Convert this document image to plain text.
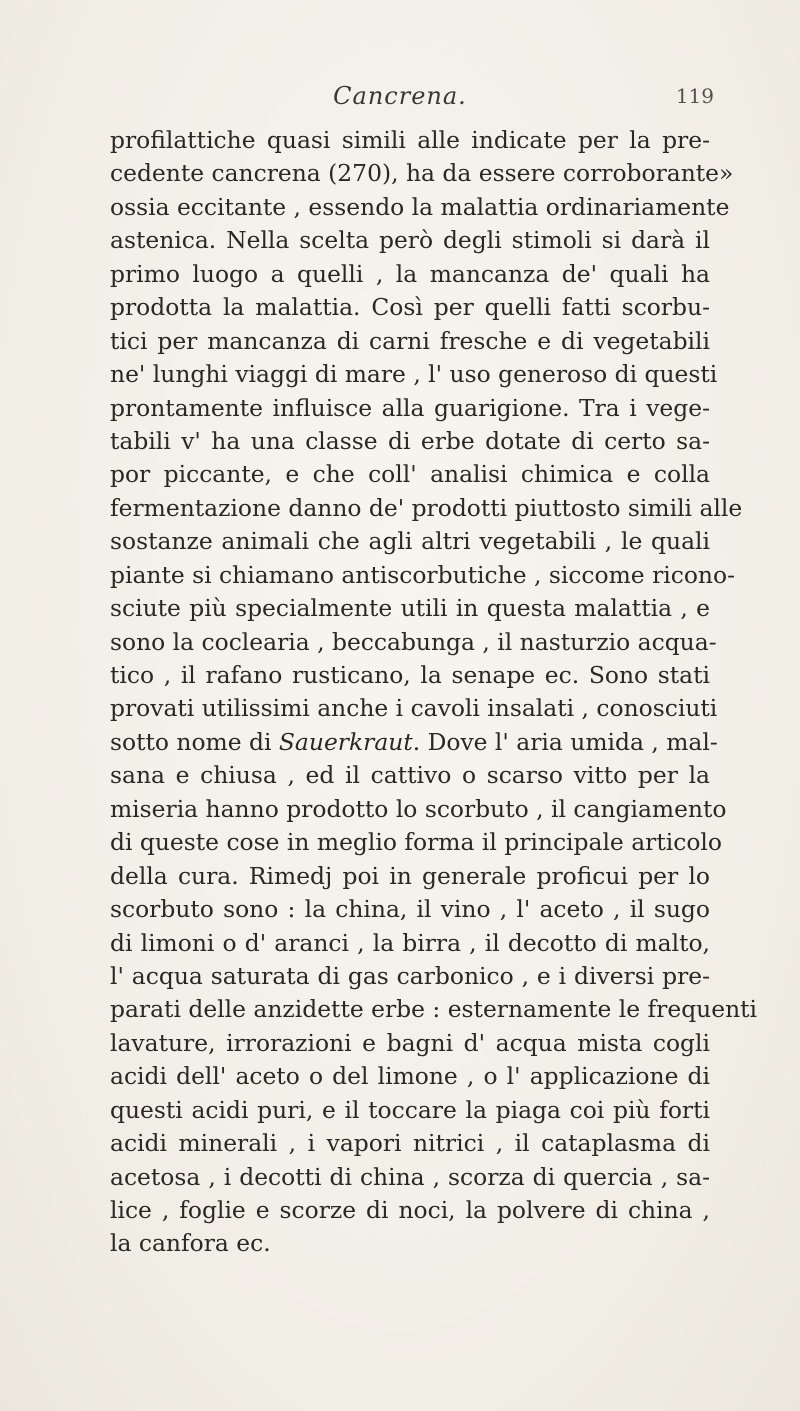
Cancrena.	119
profilattiche quasi simili alle indicate per la pre-
cedente cancrena (270), ha da essere corroborante»
ossia eccitante , essendo la malattia ordinariamente
astenica. Nella scelta però degli stimoli si darà il
primo luogo a quelli , la mancanza de' quali ha
prodotta la malattia. Così per quelli fatti scorbu-
tici per mancanza di carni fresche e di vegetabili
ne' lunghi viaggi di mare , l' uso generoso di questi
prontamente influisce alla guarigione. Tra i vege-
tabili v' ha una classe di erbe dotate di certo sa-
por piccante, e che coll' analisi chimica e colla
fermentazione danno de' prodotti piuttosto simili alle
sostanze animali che agli altri vegetabili , le quali
piante si chiamano antiscorbutiche , siccome ricono-
sciute più specialmente utili in questa malattia , e
sono la coclearia , beccabunga , il nasturzio acqua-
tico , il rafano rusticano, la senape ec. Sono stati
provati utilissimi anche i cavoli insalati , conosciuti
sotto nome di Sauerkraut. Dove l' aria umida , mal-
sana e chiusa , ed il cattivo o scarso vitto per la
miseria hanno prodotto lo scorbuto , il cangiamento
di queste cose in meglio forma il principale articolo
della cura. Rimedj poi in generale proficui per lo
scorbuto sono : la china, il vino , l' aceto , il sugo
di limoni o d' aranci , la birra , il decotto di malto,
l' acqua saturata di gas carbonico , e i diversi pre-
parati delle anzidette erbe : esternamente le frequenti
lavature, irrorazioni e bagni d' acqua mista cogli
acidi dell' aceto o del limone , o l' applicazione di
questi acidi puri, e il toccare la piaga coi più forti
acidi minerali , i vapori nitrici , il cataplasma di
acetosa , i decotti di china , scorza di quercia , sa-
lice , foglie e scorze di noci, la polvere di china ,
la canfora ec.
